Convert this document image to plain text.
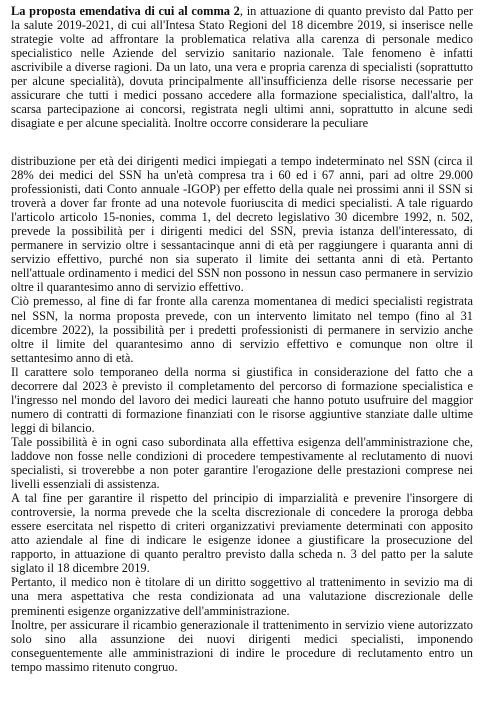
La proposta emendativa di cui al comma 2, in attuazione di quanto previsto dal Patto per la salute 2019-2021, di cui all'Intesa Stato Regioni del 18 dicembre 2019, si inserisce nelle strategie volte ad affrontare la problematica relativa alla carenza di personale medico specialistico nelle Aziende del servizio sanitario nazionale. Tale fenomeno è infatti ascrivibile a diverse ragioni. Da un lato, una vera e propria carenza di specialisti (soprattutto per alcune specialità), dovuta principalmente all'insufficienza delle risorse necessarie per assicurare che tutti i medici possano accedere alla formazione specialistica, dall'altro, la scarsa partecipazione ai concorsi, registrata negli ultimi anni, soprattutto in alcune sedi disagiate e per alcune specialità. Inoltre occorre considerare la peculiare

distribuzione per età dei dirigenti medici impiegati a tempo indeterminato nel SSN (circa il 28% dei medici del SSN ha un'età compresa tra i 60 ed i 67 anni, pari ad oltre 29.000 professionisti, dati Conto annuale -IGOP) per effetto della quale nei prossimi anni il SSN si troverà a dover far fronte ad una notevole fuoriuscita di medici specialisti. A tale riguardo l'articolo articolo 15-nonies, comma 1, del decreto legislativo 30 dicembre 1992, n. 502, prevede la possibilità per i dirigenti medici del SSN, previa istanza dell'interessato, di permanere in servizio oltre i sessantacinque anni di età per raggiungere i quaranta anni di servizio effettivo, purché non sia superato il limite dei settanta anni di età. Pertanto nell'attuale ordinamento i medici del SSN non possono in nessun caso permanere in servizio oltre il quarantesimo anno di servizio effettivo.

Ciò premesso, al fine di far fronte alla carenza momentanea di medici specialisti registrata nel SSN, la norma proposta prevede, con un intervento limitato nel tempo (fino al 31 dicembre 2022), la possibilità per i predetti professionisti di permanere in servizio anche oltre il limite del quarantesimo anno di servizio effettivo e comunque non oltre il settantesimo anno di età.

Il carattere solo temporaneo della norma si giustifica in considerazione del fatto che a decorrere dal 2023 è previsto il completamento del percorso di formazione specialistica e l'ingresso nel mondo del lavoro dei medici laureati che hanno potuto usufruire del maggior numero di contratti di formazione finanziati con le risorse aggiuntive stanziate dalle ultime leggi di bilancio.

Tale possibilità è in ogni caso subordinata alla effettiva esigenza dell'amministrazione che, laddove non fosse nelle condizioni di procedere tempestivamente al reclutamento di nuovi specialisti, si troverebbe a non poter garantire l'erogazione delle prestazioni comprese nei livelli essenziali di assistenza.

A tal fine per garantire il rispetto del principio di imparzialità e prevenire l'insorgere di controversie, la norma prevede che la scelta discrezionale di concedere la proroga debba essere esercitata nel rispetto di criteri organizzativi previamente determinati con apposito atto aziendale al fine di indicare le esigenze idonee a giustificare la prosecuzione del rapporto, in attuazione di quanto peraltro previsto dalla scheda n. 3 del patto per la salute siglato il 18 dicembre 2019.

Pertanto, il medico non è titolare di un diritto soggettivo al trattenimento in sevizio ma di una mera aspettativa che resta condizionata ad una valutazione discrezionale delle preminenti esigenze organizzative dell'amministrazione.

Inoltre, per assicurare il ricambio generazionale il trattenimento in servizio viene autorizzato solo sino alla assunzione dei nuovi dirigenti medici specialisti, imponendo conseguentemente alle amministrazioni di indire le procedure di reclutamento entro un tempo massimo ritenuto congruo.
